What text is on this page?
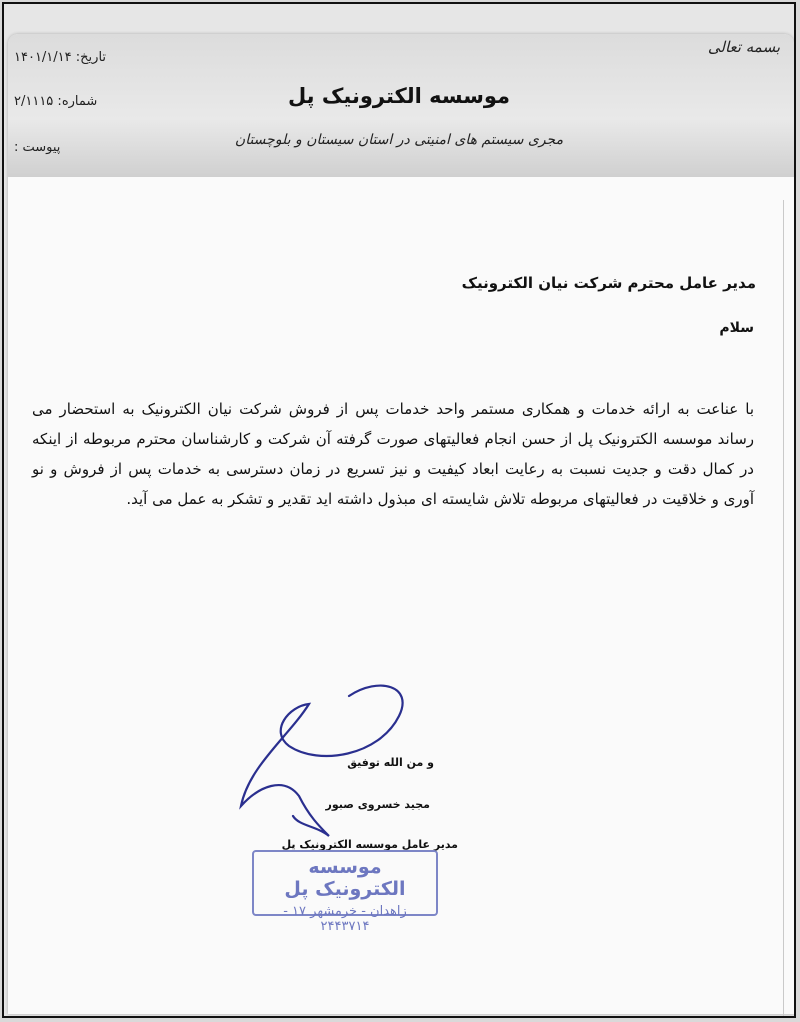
بسمه تعالی
تاریخ: ۱۴۰۱/۱/۱۴
شماره: ۲/۱۱۱۵
پیوست :
موسسه الکترونیک پل
مجری سیستم های امنیتی در استان سیستان و بلوچستان
مدیر عامل محترم شرکت نیان الکترونیک
سلام
با عناعت به ارائه خدمات و همکاری مستمر واحد خدمات پس از فروش شرکت نیان الکترونیک به استحضار می رساند موسسه الکترونیک پل از حسن انجام فعالیتهای صورت گرفته آن شرکت و کارشناسان محترم مربوطه از اینکه در کمال دقت و جدیت نسبت به رعایت ابعاد کیفیت و نیز تسریع در زمان دسترسی به خدمات پس از فروش و نو آوری و خلاقیت در فعالیتهای مربوطه تلاش شایسته ای مبذول داشته اید تقدیر و تشکر به عمل می آید.
و من الله توفیق
مجید خسروی صبور
مدیر عامل موسسه الکترونیک پل
موسسه الکترونیک پل
زاهدان - خرمشهر ۱۷ - ۲۴۴۳۷۱۴
